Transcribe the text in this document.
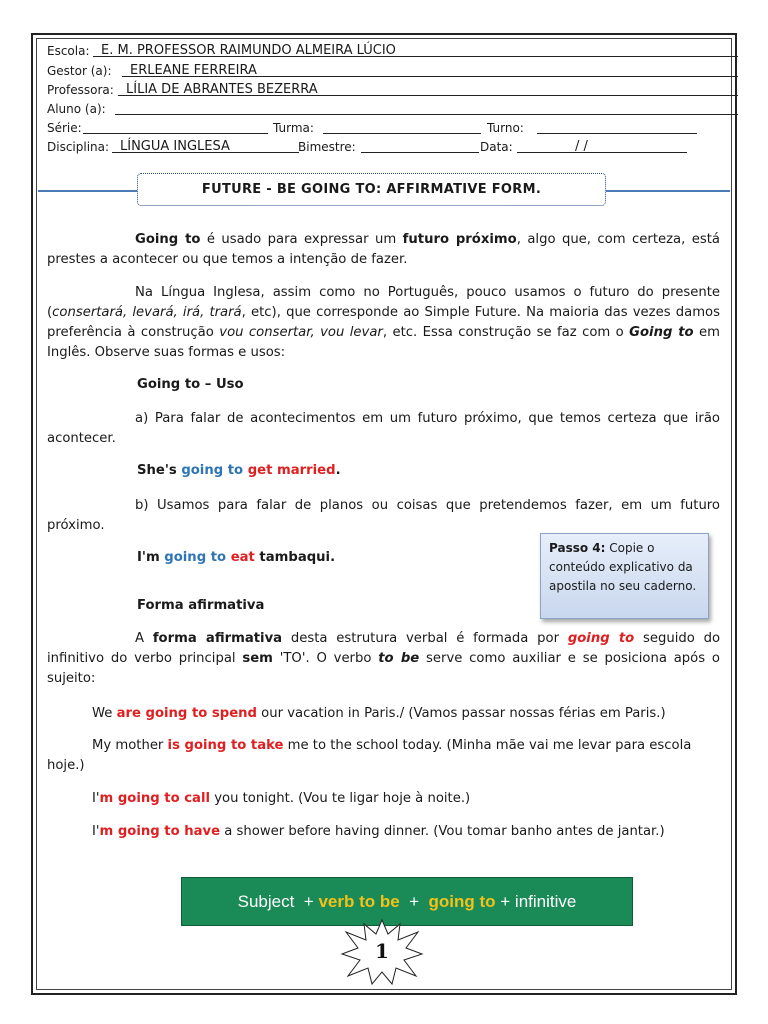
Escola: E. M. PROFESSOR RAIMUNDO ALMEIRA LÚCIO
Gestor (a):	ERLEANE FERREIRA
Professora: LÍLIA DE ABRANTES BEZERRA
Aluno (a):
Série:	Turma:	Turno:
Disciplina: LÍNGUA INGLESA	Bimestre:	Data:	/ /
FUTURE - BE GOING TO: AFFIRMATIVE FORM.
Going to é usado para expressar um futuro próximo, algo que, com certeza, está prestes a acontecer ou que temos a intenção de fazer.
Na Língua Inglesa, assim como no Português, pouco usamos o futuro do presente (consertará, levará, irá, trará, etc), que corresponde ao Simple Future. Na maioria das vezes damos preferência à construção vou consertar, vou levar, etc. Essa construção se faz com o Going to em Inglês. Observe suas formas e usos:
Going to – Uso
a) Para falar de acontecimentos em um futuro próximo, que temos certeza que irão acontecer.
She's going to get married.
b) Usamos para falar de planos ou coisas que pretendemos fazer, em um futuro próximo.
I'm going to eat tambaqui.
Passo 4: Copie o conteúdo explicativo da apostila no seu caderno.
Forma afirmativa
A forma afirmativa desta estrutura verbal é formada por going to seguido do infinitivo do verbo principal sem 'TO'. O verbo to be serve como auxiliar e se posiciona após o sujeito:
We are going to spend our vacation in Paris./ (Vamos passar nossas férias em Paris.)
My mother is going to take me to the school today. (Minha mãe vai me levar para escola hoje.)
I'm going to call you tonight. (Vou te ligar hoje à noite.)
I'm going to have a shower before having dinner. (Vou tomar banho antes de jantar.)
Subject  + verb to be + going to + infinitive
1
